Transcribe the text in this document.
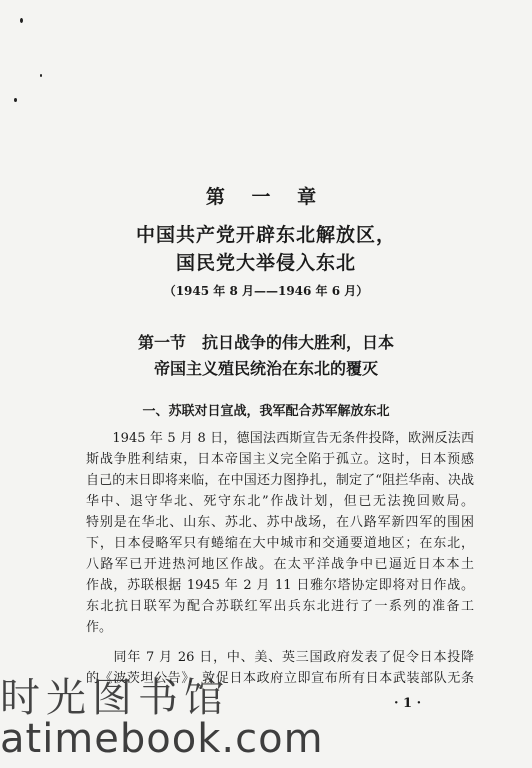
第 一 章
中国共产党开辟东北解放区，
国民党大举侵入东北
（1945 年 8 月——1946 年 6 月）
第一节　抗日战争的伟大胜利，日本
帝国主义殖民统治在东北的覆灭
一、苏联对日宣战，我军配合苏军解放东北
　　1945 年 5 月 8 日，德国法西斯宣告无条件投降，欧洲反法西
斯战争胜利结束，日本帝国主义完全陷于孤立。这时，日本预感
自己的末日即将来临，在中国还力图挣扎，制定了“阻拦华南、决战
华中、退守华北、死守东北”作战计划，但已无法挽回败局。
特别是在华北、山东、苏北、苏中战场，在八路军新四军的围困
下，日本侵略军只有蜷缩在大中城市和交通要道地区；在东北，
八路军已开进热河地区作战。在太平洋战争中已逼近日本本土
作战，苏联根据 1945 年 2 月 11 日雅尔塔协定即将对日作战。
东北抗日联军为配合苏联红军出兵东北进行了一系列的准备工
作。
　　同年 7 月 26 日，中、美、英三国政府发表了促令日本投降
的《波茨坦公告》，敦促日本政府立即宣布所有日本武装部队无条
· 1 ·
时光图书馆
atimebook.com
